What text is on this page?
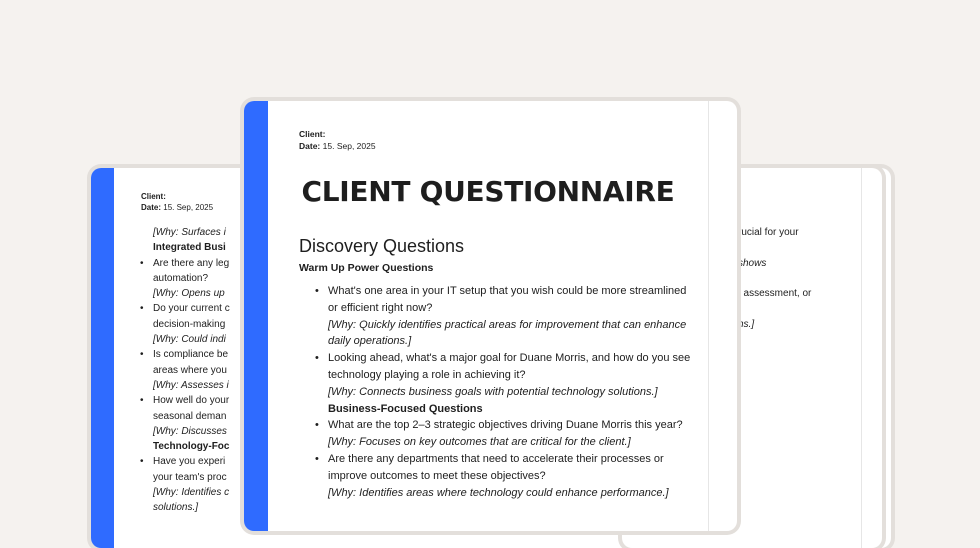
Client:
Date: 15. Sep, 2025
[Why: Surfaces i
Integrated Busi
• Are there any leg
automation?
[Why: Opens up
• Do your current c
decision-making
[Why: Could indi
• Is compliance be
areas where you
[Why: Assesses i
• How well do your
seasonal deman
[Why: Discusses
Technology-Foc
• Have you experi
your team's proc
[Why: Identifies c
solutions.]
rucial for your
shows
, assessment, or
ns.]
Client:
Date: 15. Sep, 2025
CLIENT QUESTIONNAIRE
Discovery Questions
Warm Up Power Questions
• What's one area in your IT setup that you wish could be more streamlined or efficient right now?
[Why: Quickly identifies practical areas for improvement that can enhance daily operations.]
• Looking ahead, what's a major goal for Duane Morris, and how do you see technology playing a role in achieving it?
[Why: Connects business goals with potential technology solutions.]
Business-Focused Questions
• What are the top 2–3 strategic objectives driving Duane Morris this year?
[Why: Focuses on key outcomes that are critical for the client.]
• Are there any departments that need to accelerate their processes or improve outcomes to meet these objectives?
[Why: Identifies areas where technology could enhance performance.]
